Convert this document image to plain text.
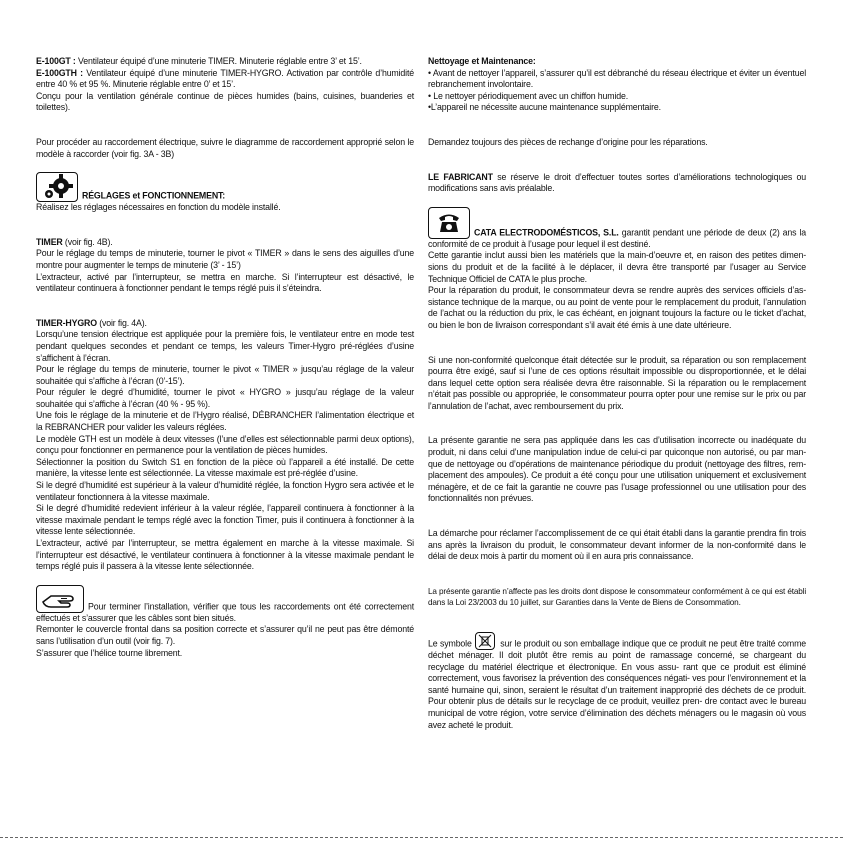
E-100GT : Ventilateur équipé d’une minuterie TIMER. Minuterie réglable entre 3’ et 15’.

E-100GTH : Ventilateur équipé d’une minuterie TIMER-HYGRO. Activation par contrôle d’humidité entre 40 % et 95 %. Minuterie réglable entre 0’ et 15’.

Conçu pour la ventilation générale continue de pièces humides (bains, cuisines, buanderies et toilettes).

Pour procéder au raccordement électrique, suivre le diagramme de raccordement approprié selon le modèle à raccorder (voir fig. 3A - 3B)

RÉGLAGES et FONCTIONNEMENT:

Réalisez les réglages nécessaires en fonction du modèle installé.

TIMER (voir fig. 4B).

Pour le réglage du temps de minuterie, tourner le pivot « TIMER » dans le sens des aiguilles d’une montre pour augmenter le temps de minuterie (3’ - 15’)

L’extracteur, activé par l’interrupteur, se mettra en marche. Si l’interrupteur est désactivé, le ventilateur continuera à fonctionner pendant le temps réglé puis il s’éteindra.

TIMER-HYGRO (voir fig. 4A).

Lorsqu’une tension électrique est appliquée pour la première fois, le ventilateur entre en mode test pendant quelques secondes et pendant ce temps, les valeurs Timer-Hygro pré-réglées d’usine s’affichent à l’écran.

Pour le réglage du temps de minuterie, tourner le pivot « TIMER » jusqu’au réglage de la valeur souhaitée qui s’affiche à l’écran (0’-15’).

Pour réguler le degré d’humidité, tourner le pivot « HYGRO » jusqu’au réglage de la valeur souhaitée qui s’affiche à l’écran (40 % - 95 %).

Une fois le réglage de la minuterie et de l’Hygro réalisé, DÉBRANCHER l’alimentation électrique et la REBRANCHER pour valider les valeurs réglées.

Le modèle GTH est un modèle à deux vitesses (l’une d’elles est sélectionnable parmi deux options), conçu pour fonctionner en permanence pour la ventilation de pièces humides.

Sélectionner la position du Switch S1 en fonction de la pièce où l’appareil a été installé. De cette manière, la vitesse lente est sélectionnée. La vitesse maximale est pré-réglée d’usine.

Si le degré d’humidité est supérieur à la valeur d’humidité réglée, la fonction Hygro sera activée et le ventilateur fonctionnera à la vitesse maximale.

Si le degré d’humidité redevient inférieur à la valeur réglée, l’appareil continuera à fonctionner à la vitesse maximale pendant le temps réglé avec la fonction Timer, puis il continuera à fonctionner à la vitesse lente sélectionnée.

L’extracteur, activé par l’interrupteur, se mettra également en marche à la vitesse maximale. Si l’interrupteur est désactivé, le ventilateur continuera à fonctionner à la vitesse maximale pendant le temps réglé puis il passera à la vitesse lente sélectionnée.

Pour terminer l’installation, vérifier que tous les raccordements ont été correctement effectués et s’assurer que les câbles sont bien situés.

Remonter le couvercle frontal dans sa position correcte et s’assurer qu’il ne peut pas être démonté sans l’utilisation d’un outil (voir fig. 7).

S’assurer que l’hélice tourne librement.

Nettoyage et Maintenance:

• Avant de nettoyer l’appareil, s’assurer qu’il est débranché du réseau électrique et éviter un éventuel rebranchement involontaire.

• Le nettoyer périodiquement avec un chiffon humide.

•L’appareil ne nécessite aucune maintenance supplémentaire.

Demandez toujours des pièces de rechange d’origine pour les réparations.

LE FABRICANT se réserve le droit d’effectuer toutes sortes d’améliorations technologiques ou modifications sans avis préalable.

CATA ELECTRODOMÉSTICOS, S.L. garantit pendant une période de deux (2) ans la conformité de ce produit à l’usage pour lequel il est destiné.

Cette garantie inclut aussi bien les matériels que la main-d’oeuvre et, en raison des petites dimen- sions du produit et de la facilité à le déplacer, il devra être transporté par l’usager au Service Technique Officiel de CATA le plus proche.

Pour la réparation du produit, le consommateur devra se rendre auprès des services officiels d’as- sistance technique de la marque, ou au point de vente pour le remplacement du produit, l’annulation de l’achat ou la réduction du prix, le cas échéant, en joignant toujours la facture ou le ticket d’achat, ou bien le bon de livraison correspondant s’il avait été émis à une date ultérieure.

Si une non-conformité quelconque était détectée sur le produit, sa réparation ou son remplacement pourra être exigé, sauf si l’une de ces options résultait impossible ou disproportionnée, et le délai dans lequel cette option sera réalisée devra être raisonnable. Si la réparation ou le remplacement n’était pas possible ou appropriée, le consommateur pourra opter pour une remise sur le prix ou par l’annulation de l’achat, avec remboursement du prix.

La présente garantie ne sera pas appliquée dans les cas d’utilisation incorrecte ou inadéquate du produit, ni dans celui d’une manipulation indue de celui-ci par quiconque non autorisé, ou par man- que de nettoyage ou d’opérations de maintenance périodique du produit (nettoyage des filtres, rem- placement des ampoules). Ce produit a été conçu pour une utilisation uniquement et exclusivement ménagère, et de ce fait la garantie ne couvre pas l’usage professionnel ou une utilisation pour des fonctionnalités non prévues.

La démarche pour réclamer l’accomplissement de ce qui était établi dans la garantie prendra fin trois ans après la livraison du produit, le consommateur devant informer de la non-conformité dans le délai de deux mois à partir du moment où il en aura pris connaissance.

La présente garantie n’affecte pas les droits dont dispose le consommateur conformément à ce qui est établi dans la Loi 23/2003 du 10 juillet, sur Garanties dans la Vente de Biens de Consommation.

Le symbole	sur le produit ou son emballage indique que ce produit ne peut être traité comme déchet ménager. Il doit plutôt être remis au point de ramassage concerné, se chargeant du recyclage du matériel électrique et électronique. En vous assu- rant que ce produit est éliminé correctement, vous favorisez la prévention des conséquences négati- ves pour l’environnement et la santé humaine qui, sinon, seraient le résultat d’un traitement inapproprié des déchets de ce produit. Pour obtenir plus de détails sur le recyclage de ce produit, veuillez pren- dre contact avec le bureau municipal de votre région, votre service d’élimination des déchets ménagers ou le magasin où vous avez acheté le produit.
